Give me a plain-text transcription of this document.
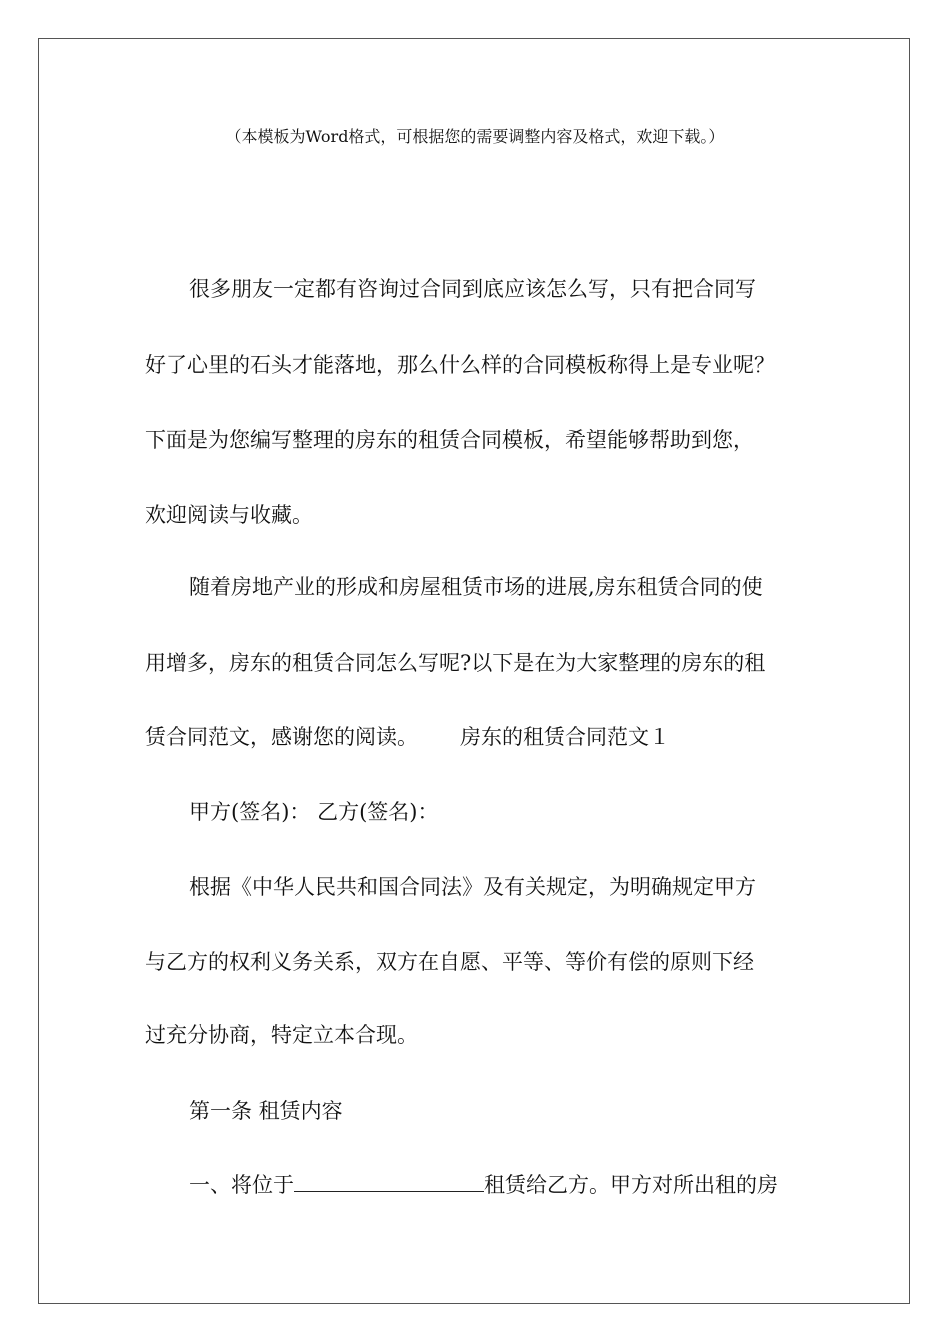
（本模板为Word格式，可根据您的需要调整内容及格式，欢迎下载。）
很多朋友一定都有咨询过合同到底应该怎么写，只有把合同写
好了心里的石头才能落地，那么什么样的合同模板称得上是专业呢？
下面是为您编写整理的房东的租赁合同模板，希望能够帮助到您，
欢迎阅读与收藏。
随着房地产业的形成和房屋租赁市场的进展,房东租赁合同的使
用增多，房东的租赁合同怎么写呢?以下是在为大家整理的房东的租
赁合同范文，感谢您的阅读。 房东的租赁合同范文１
甲方(签名)： 乙方(签名)：
根据《中华人民共和国合同法》及有关规定，为明确规定甲方
与乙方的权利义务关系，双方在自愿、平等、等价有偿的原则下经
过充分协商，特定立本合现。
第一条 租赁内容
一、将位于	租赁给乙方。甲方对所出租的房
